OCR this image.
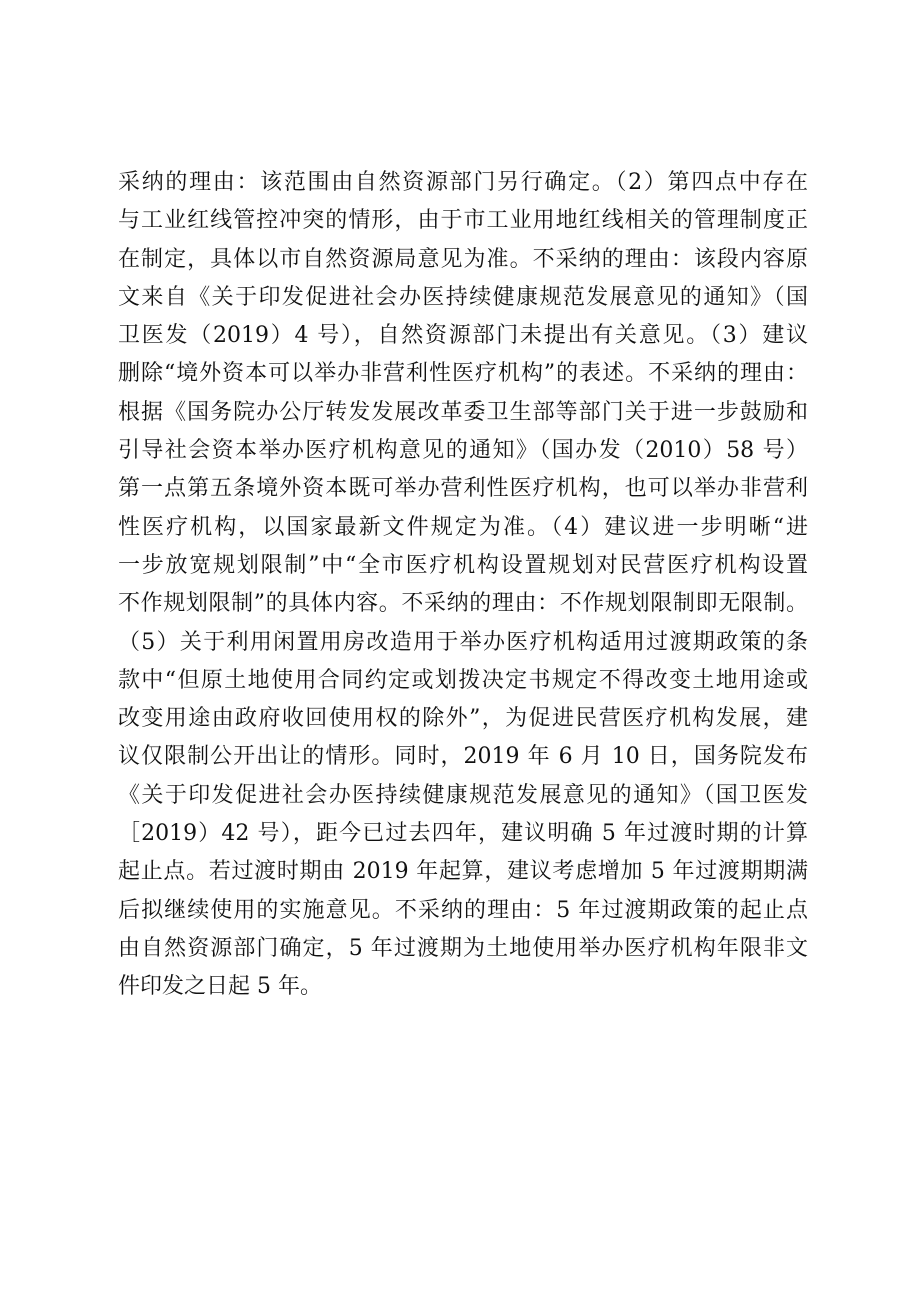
采纳的理由：该范围由自然资源部门另行确定。（2）第四点中存在
与工业红线管控冲突的情形，由于市工业用地红线相关的管理制度正
在制定，具体以市自然资源局意见为准。不采纳的理由：该段内容原
文来自《关于印发促进社会办医持续健康规范发展意见的通知》（国
卫医发（2019）4 号），自然资源部门未提出有关意见。（3）建议
删除“境外资本可以举办非营利性医疗机构”的表述。不采纳的理由：
根据《国务院办公厅转发发展改革委卫生部等部门关于进一步鼓励和
引导社会资本举办医疗机构意见的通知》（国办发（2010）58 号）
第一点第五条境外资本既可举办营利性医疗机构，也可以举办非营利
性医疗机构，以国家最新文件规定为准。（4）建议进一步明晰“进
一步放宽规划限制”中“全市医疗机构设置规划对民营医疗机构设置
不作规划限制”的具体内容。不采纳的理由：不作规划限制即无限制。
（5）关于利用闲置用房改造用于举办医疗机构适用过渡期政策的条
款中“但原土地使用合同约定或划拨决定书规定不得改变土地用途或
改变用途由政府收回使用权的除外”，为促进民营医疗机构发展，建
议仅限制公开出让的情形。同时，2019 年 6 月 10 日，国务院发布
《关于印发促进社会办医持续健康规范发展意见的通知》（国卫医发
［2019）42 号），距今已过去四年，建议明确 5 年过渡时期的计算
起止点。若过渡时期由 2019 年起算，建议考虑增加 5 年过渡期期满
后拟继续使用的实施意见。不采纳的理由：5 年过渡期政策的起止点
由自然资源部门确定，5 年过渡期为土地使用举办医疗机构年限非文
件印发之日起 5 年。
